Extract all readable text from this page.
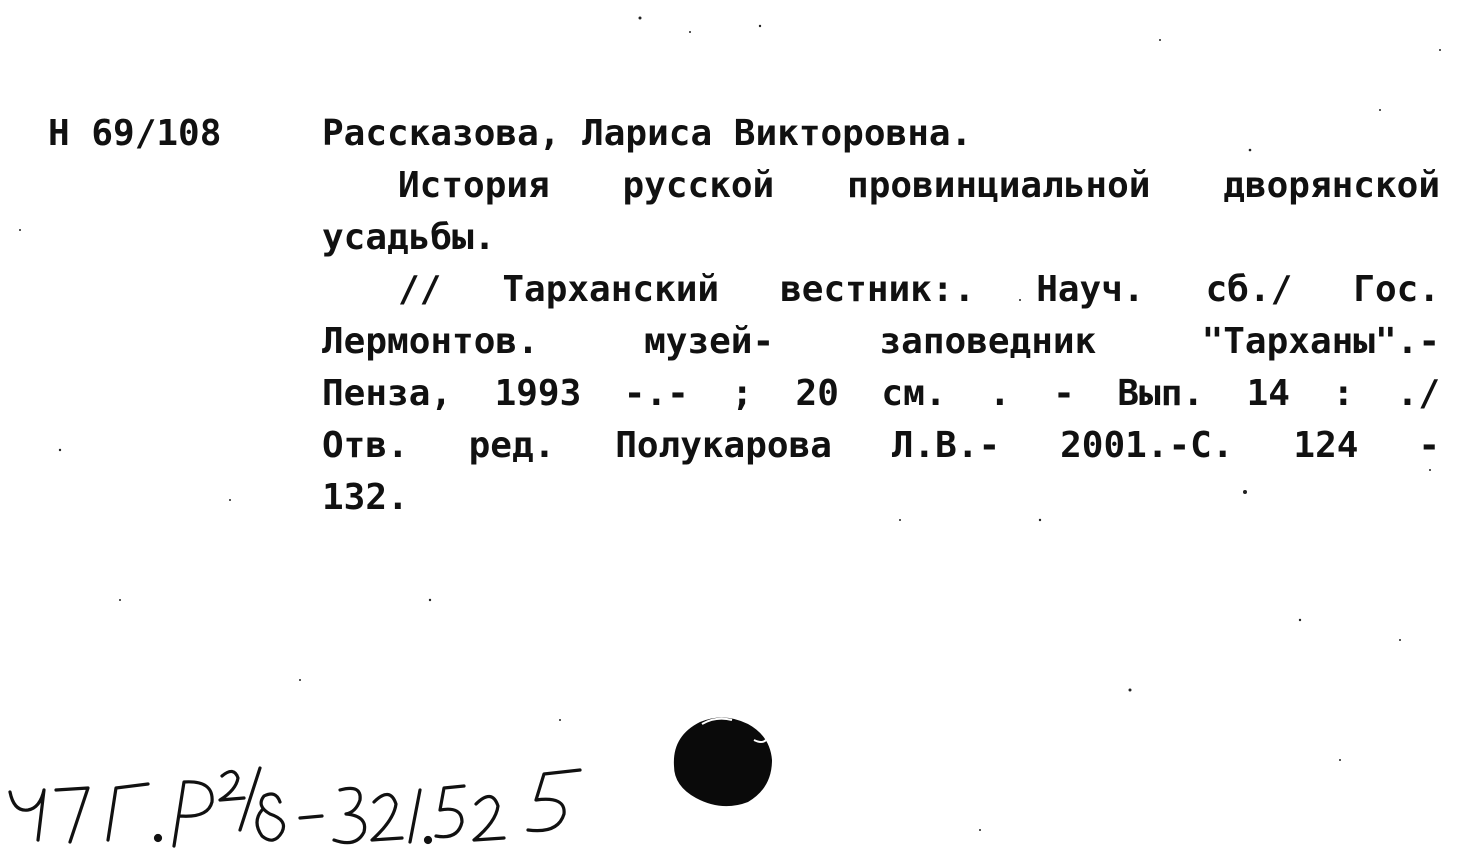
Н 69/108	Рассказова, Лариса Викторовна.
История русской провинциальной дворянской
усадьбы.
// Тарханский вестник:. Науч. сб./ Гос.
Лермонтов. музей- заповедник "Тарханы".-
Пенза, 1993 -.- ; 20 см. . - Вып. 14 : ./
Отв. ред. Полукарова Л.В.- 2001.-С. 124 -
132.
